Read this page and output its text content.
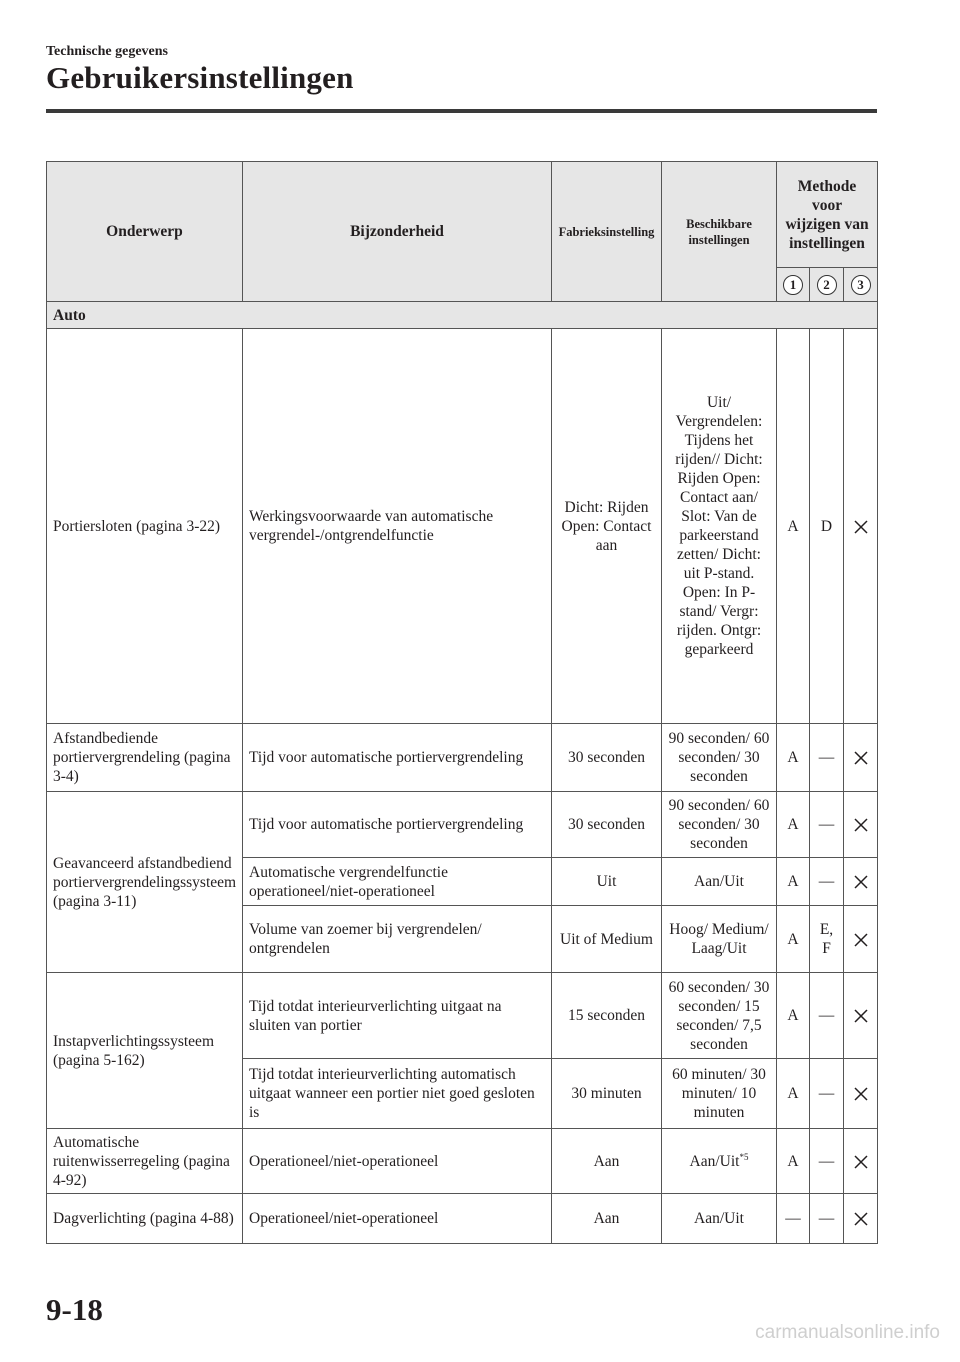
Technische gegevens
Gebruikersinstellingen
Onderwerp	Bijzonderheid	Fabrieksinstelling	Beschikbare instellingen	Methode voor wijzigen van instellingen		
				1	2	3
Auto						
Portiersloten (pagina 3-22)	Werkingsvoorwaarde van automatische vergrendel-/ontgrendelfunctie	Dicht: Rijden Open: Contact aan	Uit/ Vergrendelen: Tijdens het rijden// Dicht: Rijden Open: Contact aan/ Slot: Van de parkeerstand zetten/ Dicht: uit P-stand. Open: In P-stand/ Vergr: rijden. Ontgr: geparkeerd	A	D	
Afstandbediende portiervergrendeling (pagina 3-4)	Tijd voor automatische portiervergrendeling	30 seconden	90 seconden/ 60 seconden/ 30 seconden	A	—	
Geavanceerd afstandbediend portiervergrendelingssysteem (pagina 3-11)	Tijd voor automatische portiervergrendeling	30 seconden	90 seconden/ 60 seconden/ 30 seconden	A	—	
	Automatische vergrendelfunctie operationeel/niet-operationeel	Uit	Aan/Uit	A	—	
	Volume van zoemer bij vergrendelen/ ontgrendelen	Uit of Medium	Hoog/ Medium/ Laag/Uit	A	E, F	
Instapverlichtingssysteem (pagina 5-162)	Tijd totdat interieurverlichting uitgaat na sluiten van portier	15 seconden	60 seconden/ 30 seconden/ 15 seconden/ 7,5 seconden	A	—	
	Tijd totdat interieurverlichting automatisch uitgaat wanneer een portier niet goed gesloten is	30 minuten	60 minuten/ 30 minuten/ 10 minuten	A	—	
Automatische ruitenwisserregeling (pagina 4-92)	Operationeel/niet-operationeel	Aan	Aan/Uit$^{*5}$	A	—	
Dagverlichting (pagina 4-88)	Operationeel/niet-operationeel	Aan	Aan/Uit	—	—	
9-18
carmanualsonline.info
